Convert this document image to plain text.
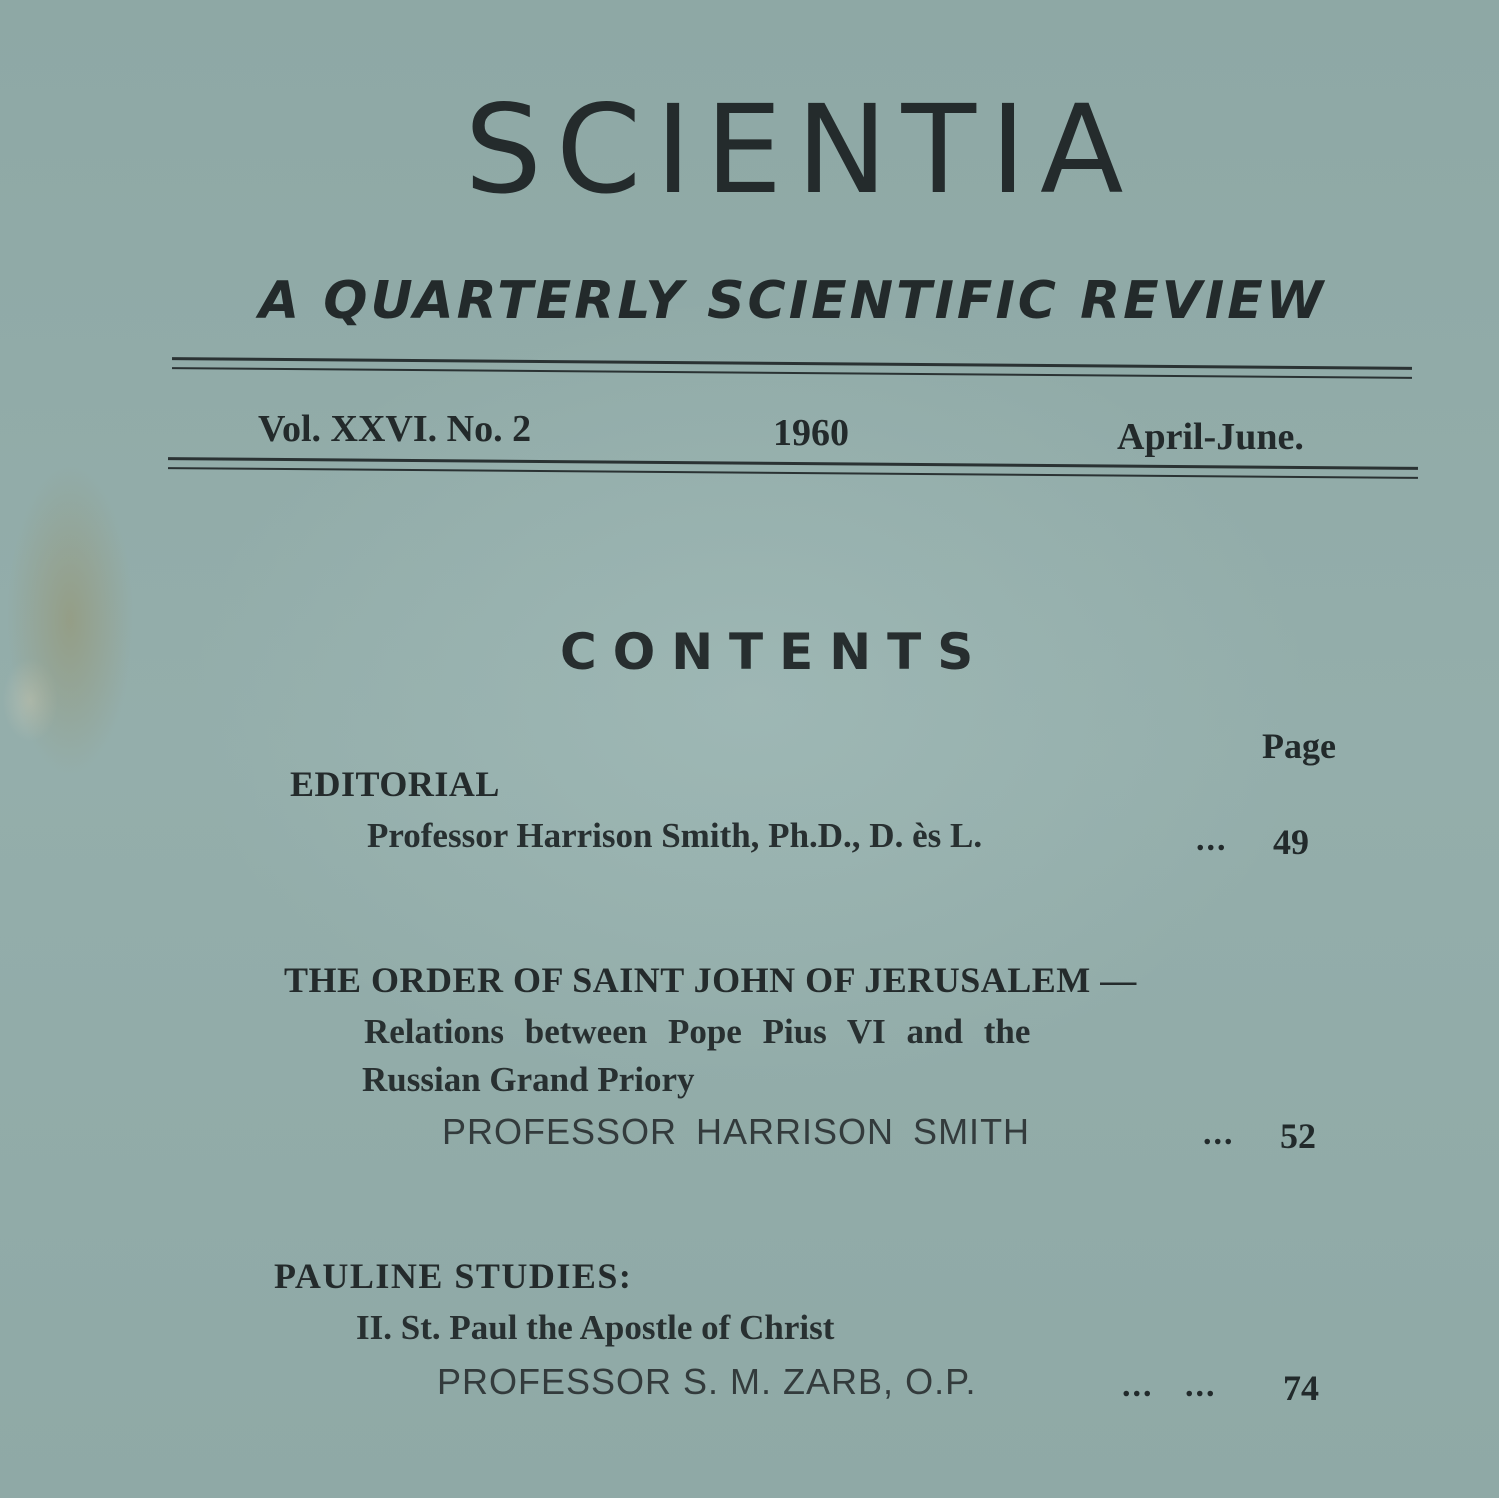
SCIENTIA
A QUARTERLY SCIENTIFIC REVIEW
Vol. XXVI. No. 2	1960	April-June.
CONTENTS
Page
EDITORIAL
Professor Harrison Smith, Ph.D., D. ès L.	... 49
THE ORDER OF SAINT JOHN OF JERUSALEM —
Relations between Pope Pius VI and the
Russian Grand Priory
PROFESSOR HARRISON SMITH	... 52
PAULINE STUDIES:
II. St. Paul the Apostle of Christ
PROFESSOR S. M. ZARB, O.P.	...   ... 74
